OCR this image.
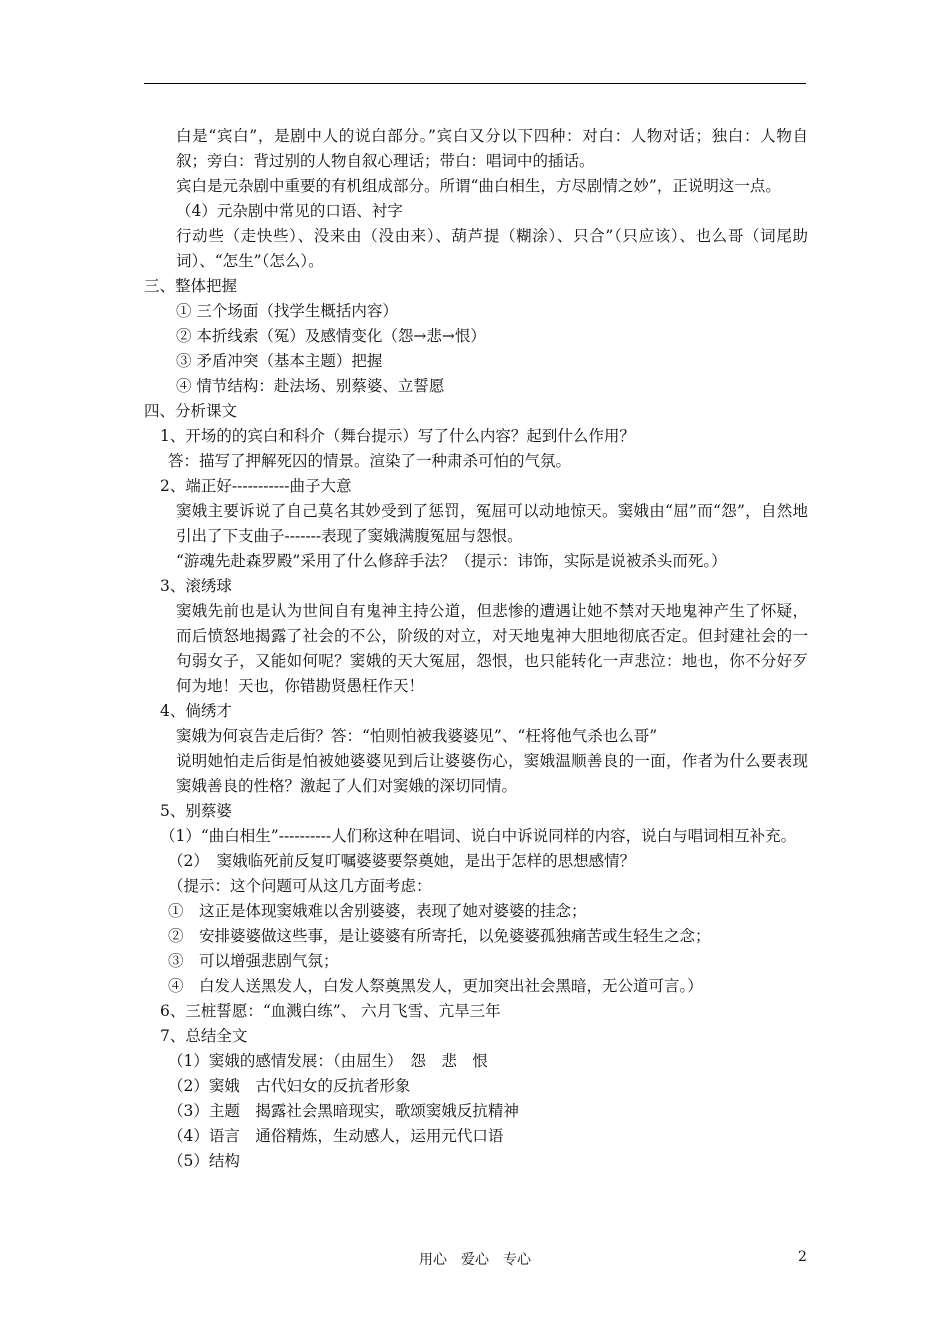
白是“宾白”，是剧中人的说白部分。”宾白又分以下四种：对白：人物对话；独白：人物自叙；旁白：背过别的人物自叙心理话；带白：唱词中的插话。

宾白是元杂剧中重要的有机组成部分。所谓“曲白相生，方尽剧情之妙”，正说明这一点。

（4）元杂剧中常见的口语、衬字

行动些（走快些）、没来由（没由来）、葫芦提（糊涂）、只合”（只应该）、也么哥（词尾助词）、“怎生”（怎么）。

三、整体把握

① 三个场面（找学生概括内容）

② 本折线索（冤）及感情变化（怨→悲→恨）

③ 矛盾冲突（基本主题）把握

④ 情节结构：赴法场、别蔡婆、立誓愿

四、分析课文

1、开场的的宾白和科介（舞台提示）写了什么内容？起到什么作用？

答：描写了押解死囚的情景。渲染了一种肃杀可怕的气氛。

2、端正好-----------曲子大意

窦娥主要诉说了自己莫名其妙受到了惩罚，冤屈可以动地惊天。窦娥由“屈”而“怨”，自然地引出了下支曲子-------表现了窦娥满腹冤屈与怨恨。

“游魂先赴森罗殿”采用了什么修辞手法？（提示：讳饰，实际是说被杀头而死。）

3、滚绣球

窦娥先前也是认为世间自有鬼神主持公道，但悲惨的遭遇让她不禁对天地鬼神产生了怀疑，而后愤怒地揭露了社会的不公，阶级的对立，对天地鬼神大胆地彻底否定。但封建社会的一句弱女子，又能如何呢？窦娥的天大冤屈，怨恨，也只能转化一声悲泣：地也，你不分好歹何为地！天也，你错勘贤愚枉作天！

4、倘绣才

窦娥为何哀告走后街？答：“怕则怕被我婆婆见”、“枉将他气杀也么哥”

说明她怕走后街是怕被她婆婆见到后让婆婆伤心，窦娥温顺善良的一面，作者为什么要表现窦娥善良的性格？激起了人们对窦娥的深切同情。

5、别蔡婆

（1）“曲白相生”----------人们称这种在唱词、说白中诉说同样的内容，说白与唱词相互补充。

（2）　窦娥临死前反复叮嘱婆婆要祭奠她，是出于怎样的思想感情？

（提示：这个问题可从这几方面考虑：

①　这正是体现窦娥难以舍别婆婆，表现了她对婆婆的挂念；

②　安排婆婆做这些事，是让婆婆有所寄托，以免婆婆孤独痛苦或生轻生之念；

③　可以增强悲剧气氛；

④　白发人送黑发人，白发人祭奠黑发人，更加突出社会黑暗，无公道可言。）

6、三桩誓愿：“血溅白练”、 六月飞雪、亢旱三年

7、总结全文

（1）窦娥的感情发展：（由屈生）　怨　悲　恨

（2）窦娥　古代妇女的反抗者形象

（3）主题　揭露社会黑暗现实，歌颂窦娥反抗精神

（4）语言　通俗精炼，生动感人，运用元代口语

（5）结构

用心　爱心　专心	2
